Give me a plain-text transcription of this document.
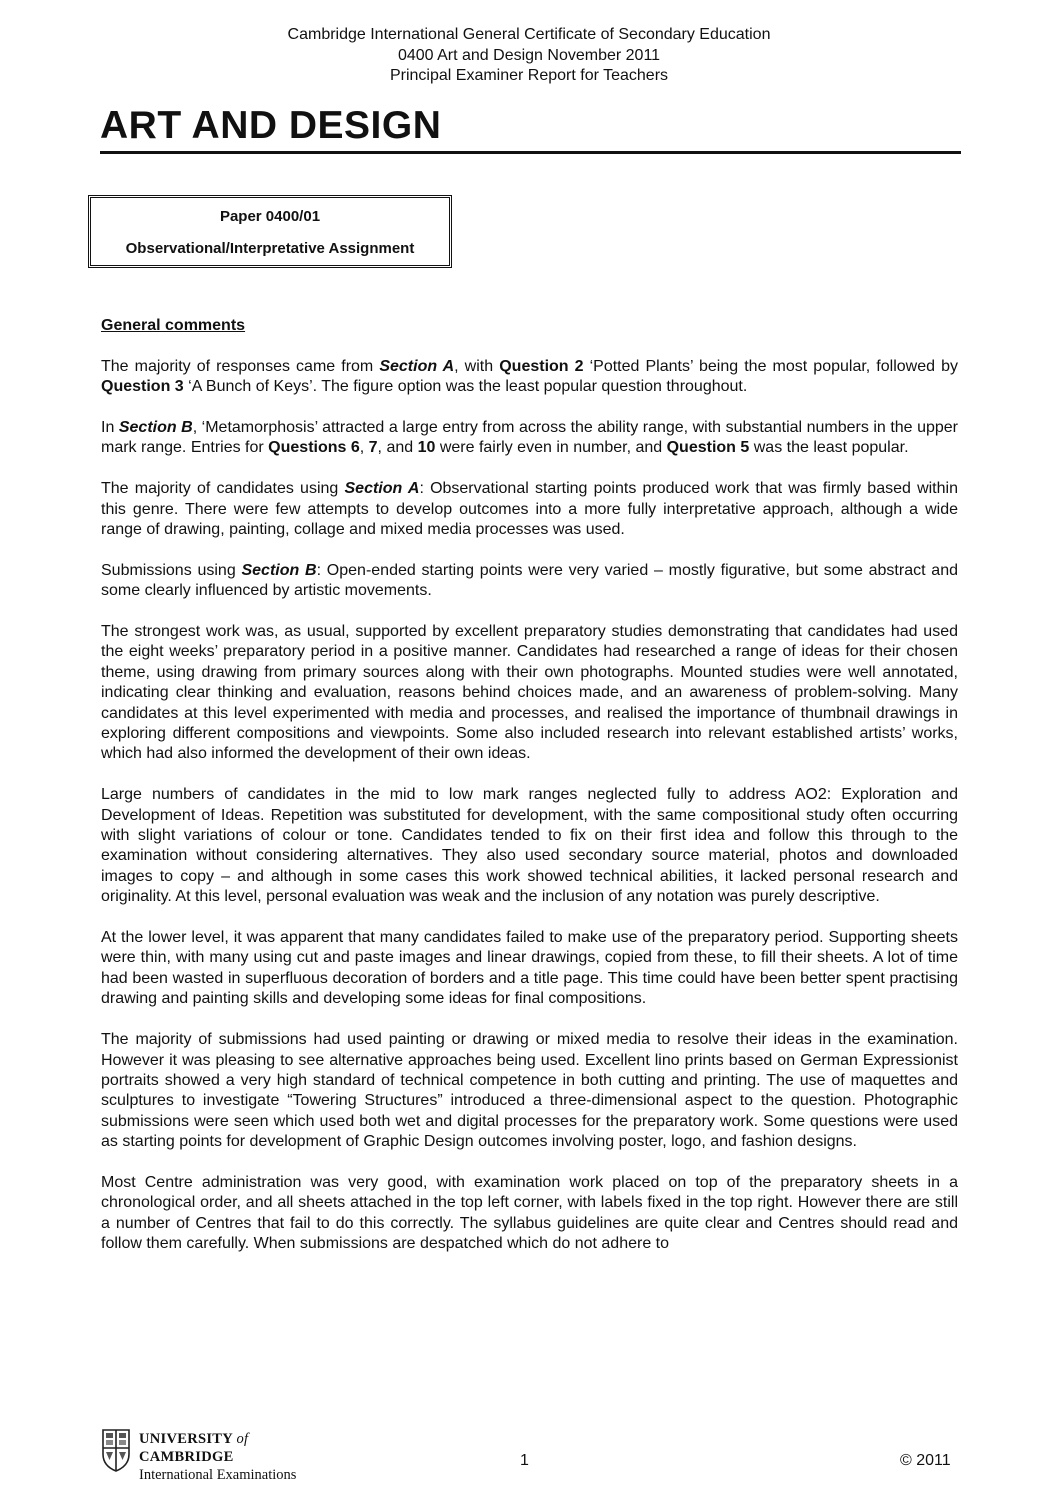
Cambridge International General Certificate of Secondary Education
0400 Art and Design November 2011
Principal Examiner Report for Teachers
ART AND DESIGN
Paper 0400/01
Observational/Interpretative Assignment
General comments

The majority of responses came from Section A, with Question 2 ‘Potted Plants’ being the most popular, followed by Question 3 ‘A Bunch of Keys’. The figure option was the least popular question throughout.

In Section B, ‘Metamorphosis’ attracted a large entry from across the ability range, with substantial numbers in the upper mark range. Entries for Questions 6, 7, and 10 were fairly even in number, and Question 5 was the least popular.

The majority of candidates using Section A: Observational starting points produced work that was firmly based within this genre. There were few attempts to develop outcomes into a more fully interpretative approach, although a wide range of drawing, painting, collage and mixed media processes was used.

Submissions using Section B: Open-ended starting points were very varied – mostly figurative, but some abstract and some clearly influenced by artistic movements.

The strongest work was, as usual, supported by excellent preparatory studies demonstrating that candidates had used the eight weeks’ preparatory period in a positive manner. Candidates had researched a range of ideas for their chosen theme, using drawing from primary sources along with their own photographs. Mounted studies were well annotated, indicating clear thinking and evaluation, reasons behind choices made, and an awareness of problem-solving. Many candidates at this level experimented with media and processes, and realised the importance of thumbnail drawings in exploring different compositions and viewpoints. Some also included research into relevant established artists’ works, which had also informed the development of their own ideas.

Large numbers of candidates in the mid to low mark ranges neglected fully to address AO2: Exploration and Development of Ideas. Repetition was substituted for development, with the same compositional study often occurring with slight variations of colour or tone. Candidates tended to fix on their first idea and follow this through to the examination without considering alternatives. They also used secondary source material, photos and downloaded images to copy – and although in some cases this work showed technical abilities, it lacked personal research and originality. At this level, personal evaluation was weak and the inclusion of any notation was purely descriptive.

At the lower level, it was apparent that many candidates failed to make use of the preparatory period. Supporting sheets were thin, with many using cut and paste images and linear drawings, copied from these, to fill their sheets. A lot of time had been wasted in superfluous decoration of borders and a title page. This time could have been better spent practising drawing and painting skills and developing some ideas for final compositions.

The majority of submissions had used painting or drawing or mixed media to resolve their ideas in the examination. However it was pleasing to see alternative approaches being used. Excellent lino prints based on German Expressionist portraits showed a very high standard of technical competence in both cutting and printing. The use of maquettes and sculptures to investigate “Towering Structures” introduced a three-dimensional aspect to the question. Photographic submissions were seen which used both wet and digital processes for the preparatory work. Some questions were used as starting points for development of Graphic Design outcomes involving poster, logo, and fashion designs.

Most Centre administration was very good, with examination work placed on top of the preparatory sheets in a chronological order, and all sheets attached in the top left corner, with labels fixed in the top right. However there are still a number of Centres that fail to do this correctly. The syllabus guidelines are quite clear and Centres should read and follow them carefully. When submissions are despatched which do not adhere to

UNIVERSITY of CAMBRIDGE
International Examinations
1	© 2011
